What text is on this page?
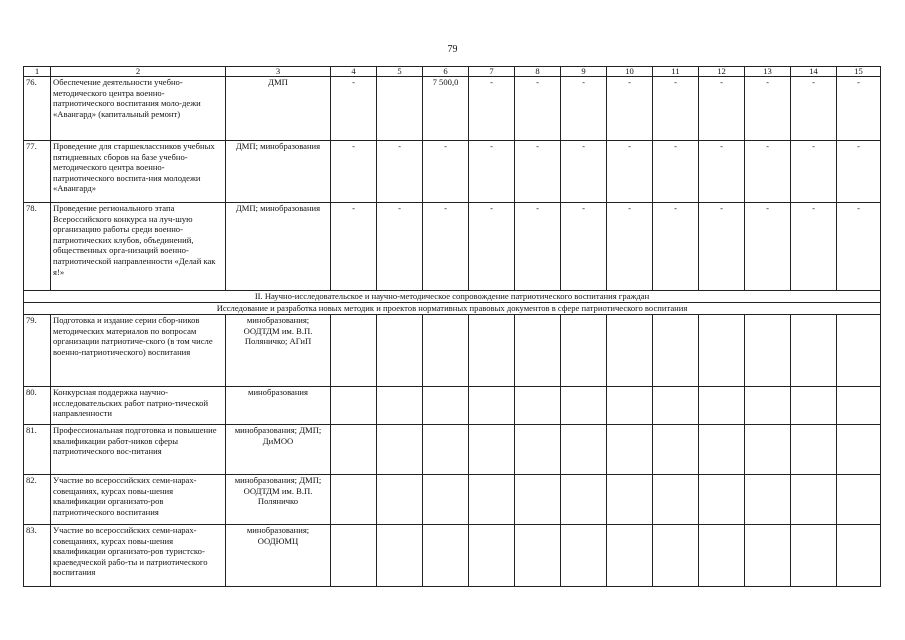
79
1	2	3	4	5	6	7	8	9	10	11	12	13	14	15
76.	Обеспечение деятельности учебно-методического центра военно-патриотического воспитания моло-дежи «Авангард» (капитальный ремонт)	ДМП	-		7 500,0	-	-	-	-	-	-	-	-	-
77.	Проведение для старшеклассников учебных пятидневных сборов на базе учебно-методического центра военно-патриотического воспита-ния молодежи «Авангард»	ДМП; минобразования	-	-	-	-	-	-	-	-	-	-	-	-
78.	Проведение регионального этапа Всероссийского конкурса на луч-шую организацию работы среди военно-патриотических клубов, объединений, общественных орга-низаций военно-патриотической направленности «Делай как я!»	ДМП; минобразования	-	-	-	-	-	-	-	-	-	-	-	-
II. Научно-исследовательское и научно-методическое сопровождение патриотического воспитания граждан														
Исследование и разработка новых методик и проектов нормативных правовых документов в сфере патриотического воспитания														
79.	Подготовка и издание серии сбор-ников методических материалов по вопросам организации патриотиче-ского (в том числе военно-патриотического) воспитания	минобразования; ООДТДМ им. В.П. Поляничко; АГиП												
80.	Конкурсная поддержка научно-исследовательских работ патрио-тической направленности	минобразования												
81.	Профессиональная подготовка и повышение квалификации работ-ников сферы патриотического вос-питания	минобразования; ДМП; ДиМОО												
82.	Участие во всероссийских семи-нарах-совещаниях, курсах повы-шения квалификации организато-ров патриотического воспитания	минобразования; ДМП; ООДТДМ им. В.П. Поляничко												
83.	Участие во всероссийских семи-нарах-совещаниях, курсах повы-шения квалификации организато-ров туристско-краеведческой рабо-ты и патриотического воспитания	минобразования; ООДЮМЦ												
